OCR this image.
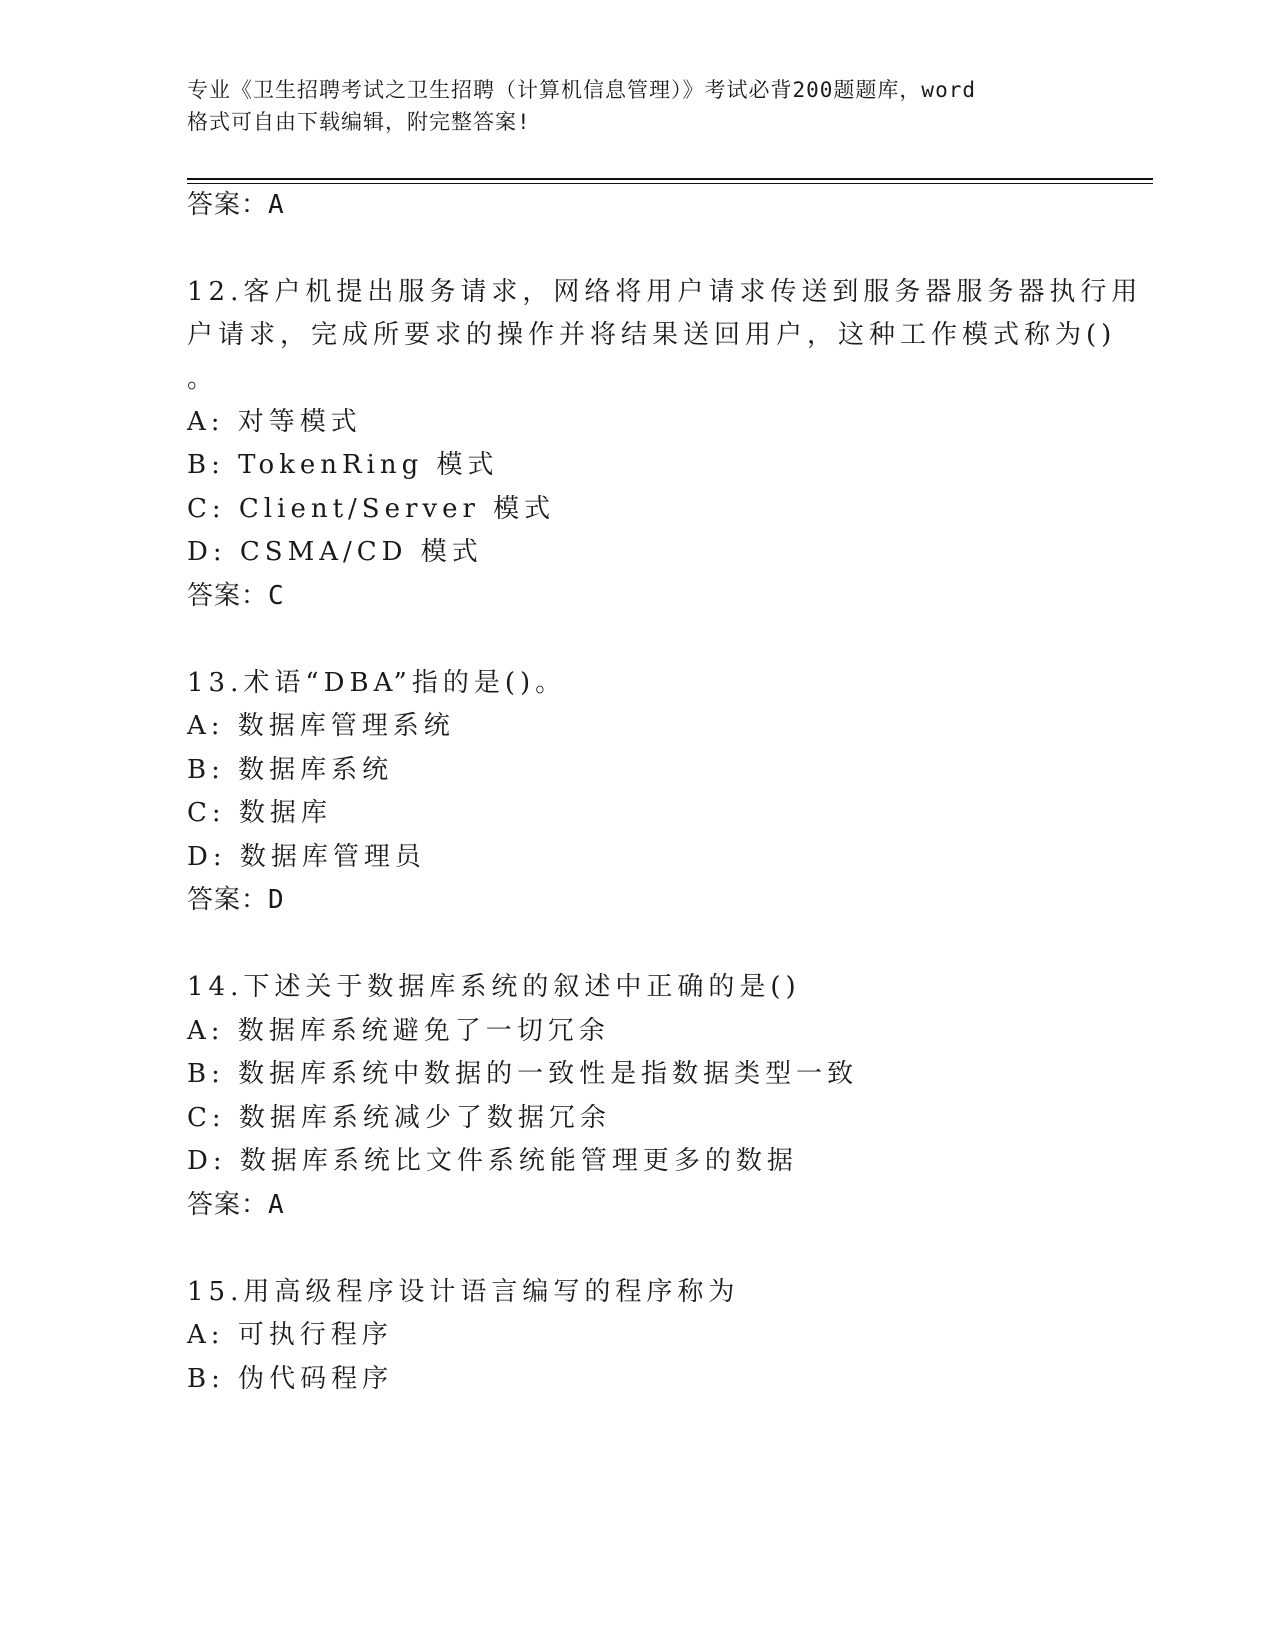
专业《卫生招聘考试之卫生招聘（计算机信息管理）》考试必背200题题库，word
格式可自由下载编辑，附完整答案!
答案：A
12.客户机提出服务请求，网络将用户请求传送到服务器服务器执行用
户请求，完成所要求的操作并将结果送回用户，这种工作模式称为()
。
A: 对等模式
B: TokenRing 模式
C: Client/Server 模式
D: CSMA/CD 模式
答案：C
13.术语“DBA”指的是()。
A: 数据库管理系统
B: 数据库系统
C: 数据库
D: 数据库管理员
答案：D
14.下述关于数据库系统的叙述中正确的是()
A: 数据库系统避免了一切冗余
B: 数据库系统中数据的一致性是指数据类型一致
C: 数据库系统减少了数据冗余
D: 数据库系统比文件系统能管理更多的数据
答案：A
15.用高级程序设计语言编写的程序称为
A: 可执行程序
B: 伪代码程序
